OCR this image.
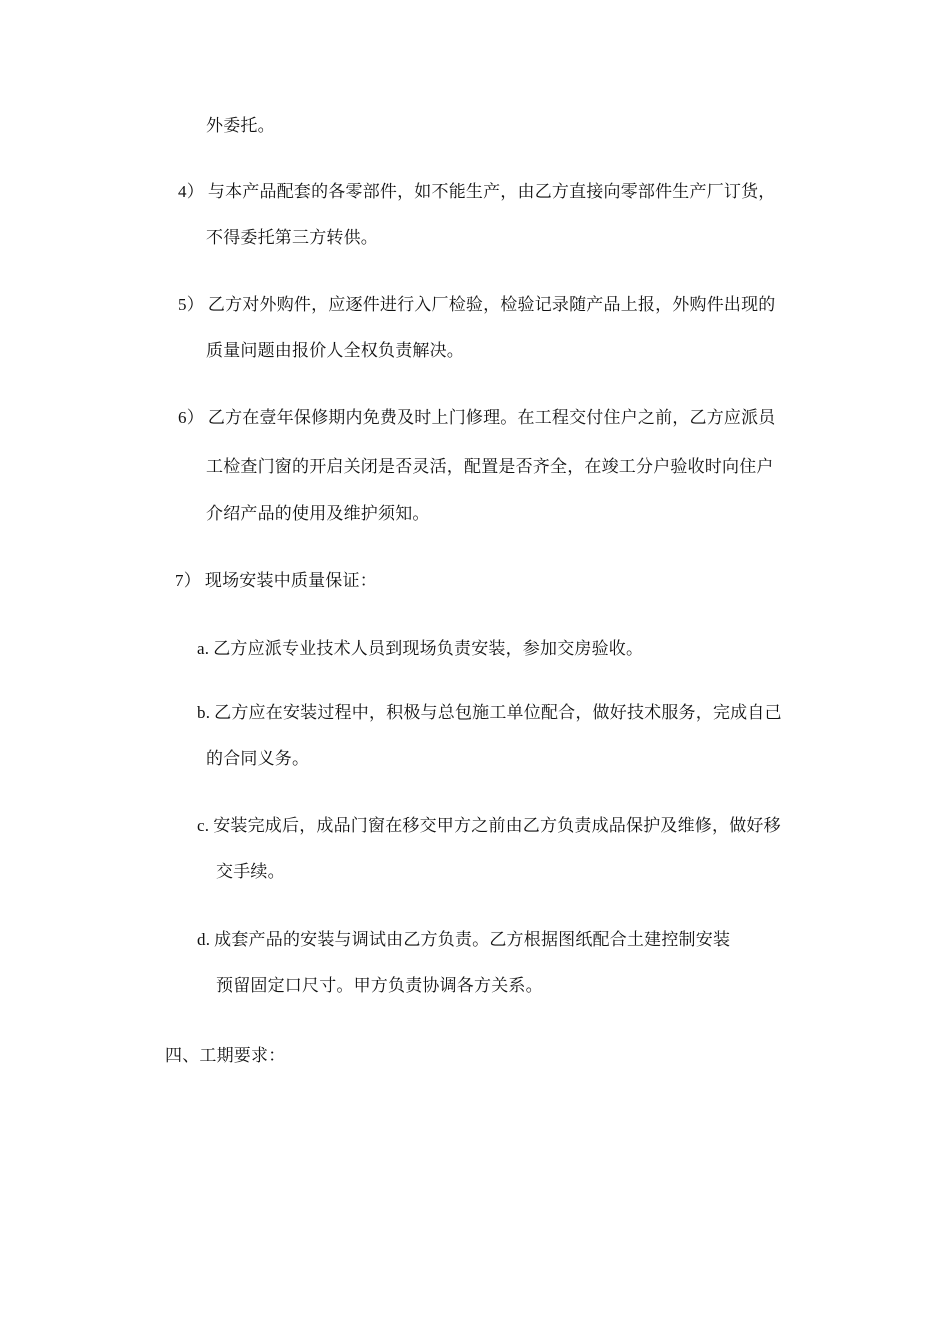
外委托。
4） 与本产品配套的各零部件，如不能生产，由乙方直接向零部件生产厂订货，
不得委托第三方转供。
5） 乙方对外购件，应逐件进行入厂检验，检验记录随产品上报，外购件出现的
质量问题由报价人全权负责解决。
6） 乙方在壹年保修期内免费及时上门修理。在工程交付住户之前，乙方应派员
工检查门窗的开启关闭是否灵活，配置是否齐全，在竣工分户验收时向住户
介绍产品的使用及维护须知。
7） 现场安装中质量保证：
a. 乙方应派专业技术人员到现场负责安装，参加交房验收。
b. 乙方应在安装过程中，积极与总包施工单位配合，做好技术服务，完成自己
的合同义务。
c. 安装完成后，成品门窗在移交甲方之前由乙方负责成品保护及维修，做好移
交手续。
d. 成套产品的安装与调试由乙方负责。乙方根据图纸配合土建控制安装
预留固定口尺寸。甲方负责协调各方关系。
四、工期要求：
